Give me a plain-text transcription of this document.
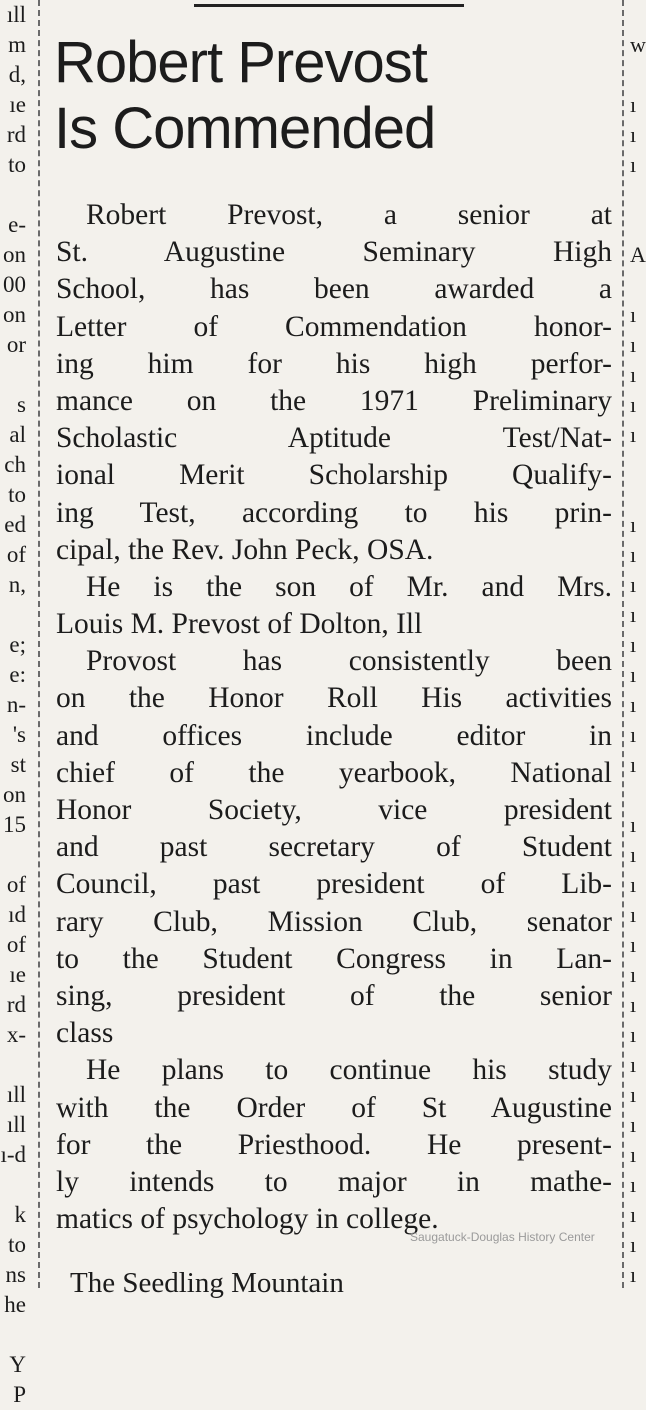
ıll
m
d,
ıe
rd
to

e-
on
00
on
or

s
al
ch
to
ed
of
n,

e;
e:
n-
's
st
on
15

of
ıd
of
ıe
rd
x-

ıll
ıll
ı-d

k
to
ns
he

Y
P
Robert Prevost
Is Commended
Robert Prevost, a senior at
St. Augustine Seminary High
School, has been awarded a
Letter of Commendation honor-
ing him for his high perfor-
mance on the 1971 Preliminary
Scholastic Aptitude Test/Nat-
ional Merit Scholarship Qualify-
ing Test, according to his prin-
cipal, the Rev. John Peck, OSA.
He is the son of Mr. and Mrs.
Louis M. Prevost of Dolton, Ill
Provost has consistently been
on the Honor Roll His activities
and offices include editor in
chief of the yearbook, National
Honor Society, vice president
and past secretary of Student
Council, past president of Lib-
rary Club, Mission Club, senator
to the Student Congress in Lan-
sing, president of the senior
class
He plans to continue his study
with the Order of St Augustine
for the Priesthood. He present-
ly intends to major in mathe-
matics of psychology in college.
The Seedling Mountain

w

ı
ı
ı

A

ı
ı
ı
ı
ı

ı
ı
ı
ı
ı
ı
ı
ı
ı

ı
ı
ı
ı
ı
ı
ı
ı
ı
ı
ı
ı
ı
ı
ı
ı
Saugatuck-Douglas History Center
